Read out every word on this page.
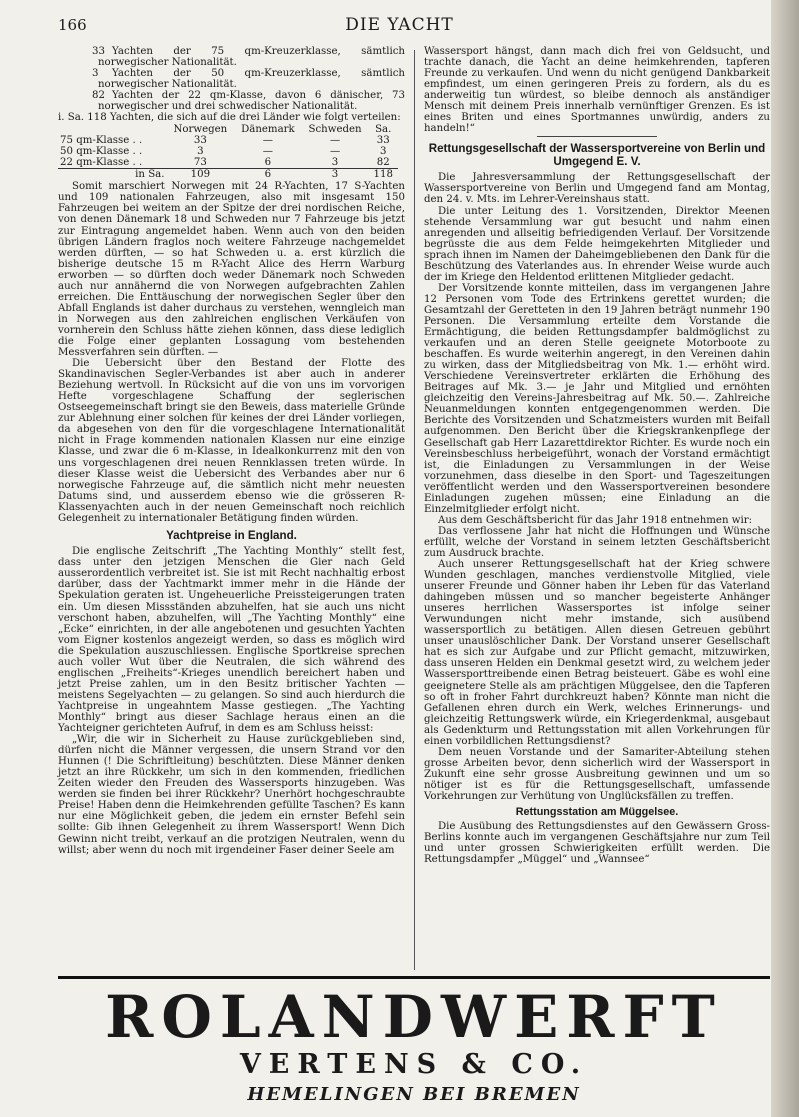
166	DIE YACHT

33 Yachten der 75 qm-Kreuzerklasse, sämtlich norwegischer Nationalität.

3 Yachten der 50 qm-Kreuzerklasse, sämtlich norwegischer Nationalität.

82 Yachten der 22 qm-Klasse, davon 6 dänischer, 73 norwegischer und drei schwedischer Nationalität.

i. Sa. 118 Yachten, die sich auf die drei Länder wie folgt verteilen:

	Norwegen	Dänemark	Schweden	Sa.
75 qm-Klasse . .	33	—	—	33
50 qm-Klasse . .	3	—	—	3
22 qm-Klasse . .	73	6	3	82
in Sa.	109	6	3	118

Somit marschiert Norwegen mit 24 R-Yachten, 17 S-Yachten und 109 nationalen Fahrzeugen, also mit insgesamt 150 Fahrzeugen bei weitem an der Spitze der drei nordischen Reiche, von denen Dänemark 18 und Schweden nur 7 Fahrzeuge bis jetzt zur Eintragung angemeldet haben. Wenn auch von den beiden übrigen Ländern fraglos noch weitere Fahrzeuge nachgemeldet werden dürften, — so hat Schweden u. a. erst kürzlich die bisherige deutsche 15 m R-Yacht Alice des Herrn Warburg erworben — so dürften doch weder Dänemark noch Schweden auch nur annähernd die von Norwegen aufgebrachten Zahlen erreichen. Die Enttäuschung der norwegischen Segler über den Abfall Englands ist daher durchaus zu verstehen, wenngleich man in Norwegen aus den zahlreichen englischen Verkäufen von vornherein den Schluss hätte ziehen können, dass diese lediglich die Folge einer geplanten Lossagung vom bestehenden Messverfahren sein dürften. —

Die Uebersicht über den Bestand der Flotte des Skandinavischen Segler-Verbandes ist aber auch in anderer Beziehung wertvoll. In Rücksicht auf die von uns im vorvorigen Hefte vorgeschlagene Schaffung der seglerischen Ostseegemeinschaft bringt sie den Beweis, dass materielle Gründe zur Ablehnung einer solchen für keines der drei Länder vorliegen, da abgesehen von den für die vorgeschlagene Internationalität nicht in Frage kommenden nationalen Klassen nur eine einzige Klasse, und zwar die 6 m-Klasse, in Idealkonkurrenz mit den von uns vorgeschlagenen drei neuen Rennklassen treten würde. In dieser Klasse weist die Uebersicht des Verbandes aber nur 6 norwegische Fahrzeuge auf, die sämtlich nicht mehr neuesten Datums sind, und ausserdem ebenso wie die grösseren R-Klassenyachten auch in der neuen Gemeinschaft noch reichlich Gelegenheit zu internationaler Betätigung finden würden.

Yachtpreise in England.

Die englische Zeitschrift „The Yachting Monthly“ stellt fest, dass unter den jetzigen Menschen die Gier nach Geld ausserordentlich verbreitet ist. Sie ist mit Recht nachhaltig erbost darüber, dass der Yachtmarkt immer mehr in die Hände der Spekulation geraten ist. Ungeheuerliche Preissteigerungen traten ein. Um diesen Missständen abzuhelfen, hat sie auch uns nicht verschont haben, abzuhelfen, will „The Yachting Monthly“ eine „Ecke“ einrichten, in der alle angebotenen und gesuchten Yachten vom Eigner kostenlos angezeigt werden, so dass es möglich wird die Spekulation auszuschliessen. Englische Sportkreise sprechen auch voller Wut über die Neutralen, die sich während des englischen „Freiheits“-Krieges unendlich bereichert haben und jetzt Preise zahlen, um in den Besitz britischer Yachten — meistens Segelyachten — zu gelangen. So sind auch hierdurch die Yachtpreise in ungeahntem Masse gestiegen. „The Yachting Monthly“ bringt aus dieser Sachlage heraus einen an die Yachteigner gerichteten Aufruf, in dem es am Schluss heisst:

„Wir, die wir in Sicherheit zu Hause zurückgeblieben sind, dürfen nicht die Männer vergessen, die unsern Strand vor den Hunnen (! Die Schriftleitung) beschützten. Diese Männer denken jetzt an ihre Rückkehr, um sich in den kommenden, friedlichen Zeiten wieder den Freuden des Wassersports hinzugeben. Was werden sie finden bei ihrer Rückkehr? Unerhört hochgeschraubte Preise! Haben denn die Heimkehrenden gefüllte Taschen? Es kann nur eine Möglichkeit geben, die jedem ein ernster Befehl sein sollte: Gib ihnen Gelegenheit zu ihrem Wassersport! Wenn Dich Gewinn nicht treibt, verkauf an die protzigen Neutralen, wenn du willst; aber wenn du noch mit irgendeiner Faser deiner Seele am

Wassersport hängst, dann mach dich frei von Geldsucht, und trachte danach, die Yacht an deine heimkehrenden, tapferen Freunde zu verkaufen. Und wenn du nicht genügend Dankbarkeit empfindest, um einen geringeren Preis zu fordern, als du es anderweitig tun würdest, so bleibe dennoch als anständiger Mensch mit deinem Preis innerhalb vernünftiger Grenzen. Es ist eines Briten und eines Sportmannes unwürdig, anders zu handeln!“

Rettungsgesellschaft der Wassersportvereine von Berlin und Umgegend E. V.

Die Jahresversammlung der Rettungsgesellschaft der Wassersportvereine von Berlin und Umgegend fand am Montag, den 24. v. Mts. im Lehrer-Vereinshaus statt.

Die unter Leitung des 1. Vorsitzenden, Direktor Meenen stehende Versammlung war gut besucht und nahm einen anregenden und allseitig befriedigenden Verlauf. Der Vorsitzende begrüsste die aus dem Felde heimgekehrten Mitglieder und sprach ihnen im Namen der Daheimgebliebenen den Dank für die Beschützung des Vaterlandes aus. In ehrender Weise wurde auch der im Kriege den Heldentod erlittenen Mitglieder gedacht.

Der Vorsitzende konnte mitteilen, dass im vergangenen Jahre 12 Personen vom Tode des Ertrinkens gerettet wurden; die Gesamtzahl der Geretteten in den 19 Jahren beträgt nunmehr 190 Personen. Die Versammlung erteilte dem Vorstande die Ermächtigung, die beiden Rettungsdampfer baldmöglichst zu verkaufen und an deren Stelle geeignete Motorboote zu beschaffen. Es wurde weiterhin angeregt, in den Vereinen dahin zu wirken, dass der Mitgliedsbeitrag von Mk. 1.— erhöht wird. Verschiedene Vereinsvertreter erklärten die Erhöhung des Beitrages auf Mk. 3.— je Jahr und Mitglied und ernöhten gleichzeitig den Vereins-Jahresbeitrag auf Mk. 50.—. Zahlreiche Neuanmeldungen konnten entgegengenommen werden. Die Berichte des Vorsitzenden und Schatzmeisters wurden mit Beifall aufgenommen. Den Bericht über die Kriegskrankenpflege der Gesellschaft gab Herr Lazarettdirektor Richter. Es wurde noch ein Vereinsbeschluss herbeigeführt, wonach der Vorstand ermächtigt ist, die Einladungen zu Versammlungen in der Weise vorzunehmen, dass dieselbe in den Sport- und Tageszeitungen veröffentlicht werden und den Wassersportvereinen besondere Einladungen zugehen müssen; eine Einladung an die Einzelmitglieder erfolgt nicht.

Aus dem Geschäftsbericht für das Jahr 1918 entnehmen wir:

Das verflossene Jahr hat nicht die Hoffnungen und Wünsche erfüllt, welche der Vorstand in seinem letzten Geschäftsbericht zum Ausdruck brachte.

Auch unserer Rettungsgesellschaft hat der Krieg schwere Wunden geschlagen, manches verdienstvolle Mitglied, viele unserer Freunde und Gönner haben ihr Leben für das Vaterland dahingeben müssen und so mancher begeisterte Anhänger unseres herrlichen Wassersportes ist infolge seiner Verwundungen nicht mehr imstande, sich ausübend wassersportlich zu betätigen. Allen diesen Getreuen gebührt unser unauslöschlicher Dank. Der Vorstand unserer Gesellschaft hat es sich zur Aufgabe und zur Pflicht gemacht, mitzuwirken, dass unseren Helden ein Denkmal gesetzt wird, zu welchem jeder Wassersporttreibende einen Betrag beisteuert. Gäbe es wohl eine geeignetere Stelle als am prächtigen Müggelsee, den die Tapferen so oft in froher Fahrt durchkreuzt haben? Könnte man nicht die Gefallenen ehren durch ein Werk, welches Erinnerungs- und gleichzeitig Rettungswerk würde, ein Kriegerdenkmal, ausgebaut als Gedenkturm und Rettungsstation mit allen Vorkehrungen für einen vorbildlichen Rettungsdienst?

Dem neuen Vorstande und der Samariter-Abteilung stehen grosse Arbeiten bevor, denn sicherlich wird der Wassersport in Zukunft eine sehr grosse Ausbreitung gewinnen und um so nötiger ist es für die Rettungsgesellschaft, umfassende Vorkehrungen zur Verhütung von Unglücksfällen zu treffen.

Rettungsstation am Müggelsee.

Die Ausübung des Rettungsdienstes auf den Gewässern Gross-Berlins konnte auch im vergangenen Geschäftsjahre nur zum Teil und unter grossen Schwierigkeiten erfüllt werden. Die Rettungsdampfer „Müggel“ und „Wannsee“

ROLANDWERFT
VERTENS & CO.
HEMELINGEN BEI BREMEN
